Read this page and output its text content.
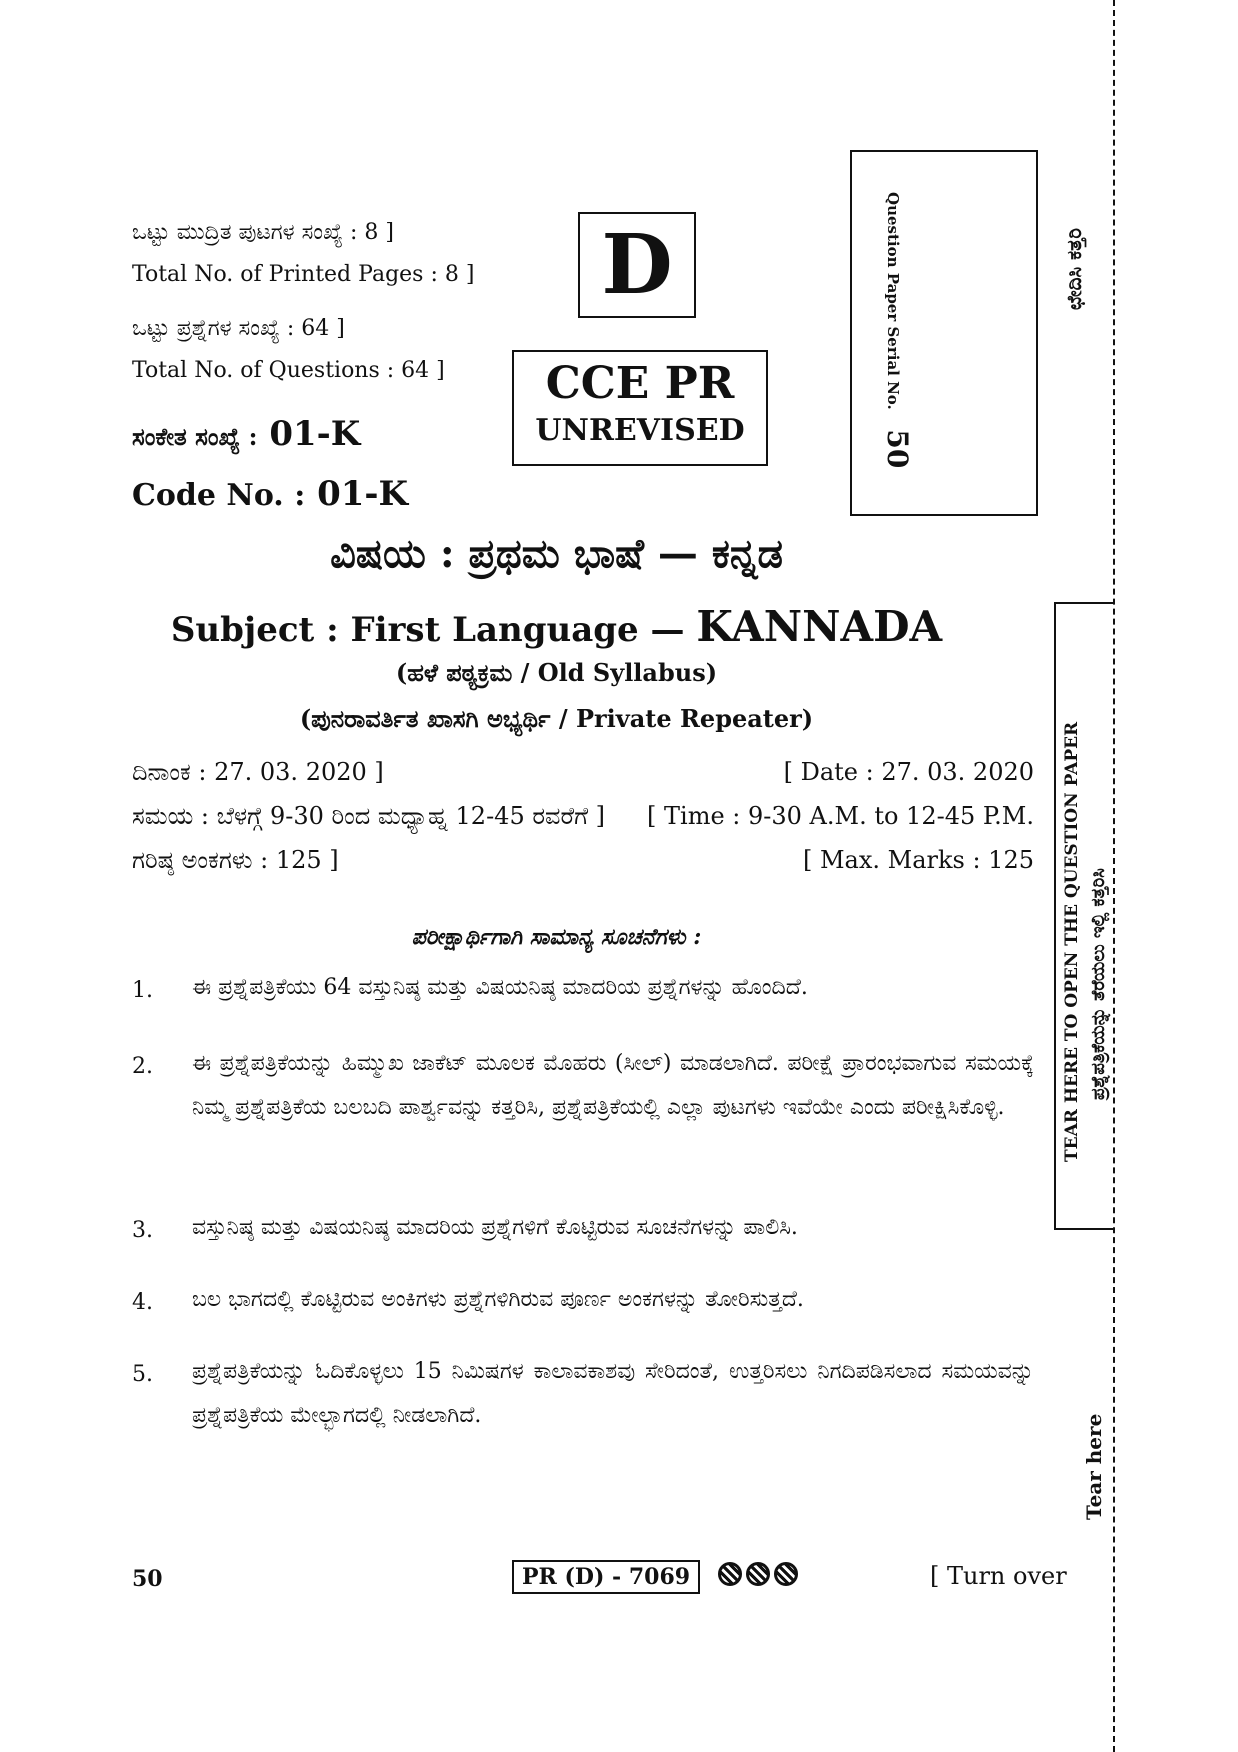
ಒಟ್ಟು ಮುದ್ರಿತ ಪುಟಗಳ ಸಂಖ್ಯೆ : 8 ]
Total No. of Printed Pages : 8 ]
ಒಟ್ಟು ಪ್ರಶ್ನೆಗಳ ಸಂಖ್ಯೆ : 64 ]
Total No. of Questions : 64 ]
ಸಂಕೇತ ಸಂಖ್ಯೆ : 01-K
Code No. : 01-K
D
CCE PR
UNREVISED
Question Paper Serial No. 50
ಛೇದಿಸಿ ಕತ್ತರಿ
TEAR HERE TO OPEN THE QUESTION PAPER ಪ್ರಶ್ನೆಪತ್ರಿಕೆಯನ್ನು ತೆರೆಯಲು ಇಲ್ಲಿ ಕತ್ತರಿಸಿ
Tear here
ವಿಷಯ : ಪ್ರಥಮ ಭಾಷೆ — ಕನ್ನಡ
Subject : First Language — KANNADA
(ಹಳೆ ಪಠ್ಯಕ್ರಮ / Old Syllabus)
(ಪುನರಾವರ್ತಿತ ಖಾಸಗಿ ಅಭ್ಯರ್ಥಿ / Private Repeater)
ದಿನಾಂಕ : 27. 03. 2020 ]	[ Date : 27. 03. 2020
ಸಮಯ : ಬೆಳಗ್ಗೆ 9-30 ರಿಂದ ಮಧ್ಯಾಹ್ನ 12-45 ರವರೆಗೆ ] [ Time : 9-30 A.M. to 12-45 P.M.
ಗರಿಷ್ಠ ಅಂಕಗಳು : 125 ]	[ Max. Marks : 125
ಪರೀಕ್ಷಾರ್ಥಿಗಾಗಿ ಸಾಮಾನ್ಯ ಸೂಚನೆಗಳು :
1. ಈ ಪ್ರಶ್ನೆಪತ್ರಿಕೆಯು 64 ವಸ್ತುನಿಷ್ಠ ಮತ್ತು ವಿಷಯನಿಷ್ಠ ಮಾದರಿಯ ಪ್ರಶ್ನೆಗಳನ್ನು ಹೊಂದಿದೆ.
2. ಈ ಪ್ರಶ್ನೆಪತ್ರಿಕೆಯನ್ನು ಹಿಮ್ಮುಖ ಜಾಕೆಟ್ ಮೂಲಕ ಮೊಹರು (ಸೀಲ್) ಮಾಡಲಾಗಿದೆ. ಪರೀಕ್ಷೆ ಪ್ರಾರಂಭವಾಗುವ ಸಮಯಕ್ಕೆ ನಿಮ್ಮ ಪ್ರಶ್ನೆಪತ್ರಿಕೆಯ ಬಲಬದಿ ಪಾರ್ಶ್ವವನ್ನು ಕತ್ತರಿಸಿ, ಪ್ರಶ್ನೆಪತ್ರಿಕೆಯಲ್ಲಿ ಎಲ್ಲಾ ಪುಟಗಳು ಇವೆಯೇ ಎಂದು ಪರೀಕ್ಷಿಸಿಕೊಳ್ಳಿ.
3. ವಸ್ತುನಿಷ್ಠ ಮತ್ತು ವಿಷಯನಿಷ್ಠ ಮಾದರಿಯ ಪ್ರಶ್ನೆಗಳಿಗೆ ಕೊಟ್ಟಿರುವ ಸೂಚನೆಗಳನ್ನು ಪಾಲಿಸಿ.
4. ಬಲ ಭಾಗದಲ್ಲಿ ಕೊಟ್ಟಿರುವ ಅಂಕಿಗಳು ಪ್ರಶ್ನೆಗಳಿಗಿರುವ ಪೂರ್ಣ ಅಂಕಗಳನ್ನು ತೋರಿಸುತ್ತದೆ.
5. ಪ್ರಶ್ನೆಪತ್ರಿಕೆಯನ್ನು ಓದಿಕೊಳ್ಳಲು 15 ನಿಮಿಷಗಳ ಕಾಲಾವಕಾಶವು ಸೇರಿದಂತೆ, ಉತ್ತರಿಸಲು ನಿಗದಿಪಡಿಸಲಾದ ಸಮಯವನ್ನು ಪ್ರಶ್ನೆಪತ್ರಿಕೆಯ ಮೇಲ್ಭಾಗದಲ್ಲಿ ನೀಡಲಾಗಿದೆ.
50	PR (D) - 7069	[ Turn over
